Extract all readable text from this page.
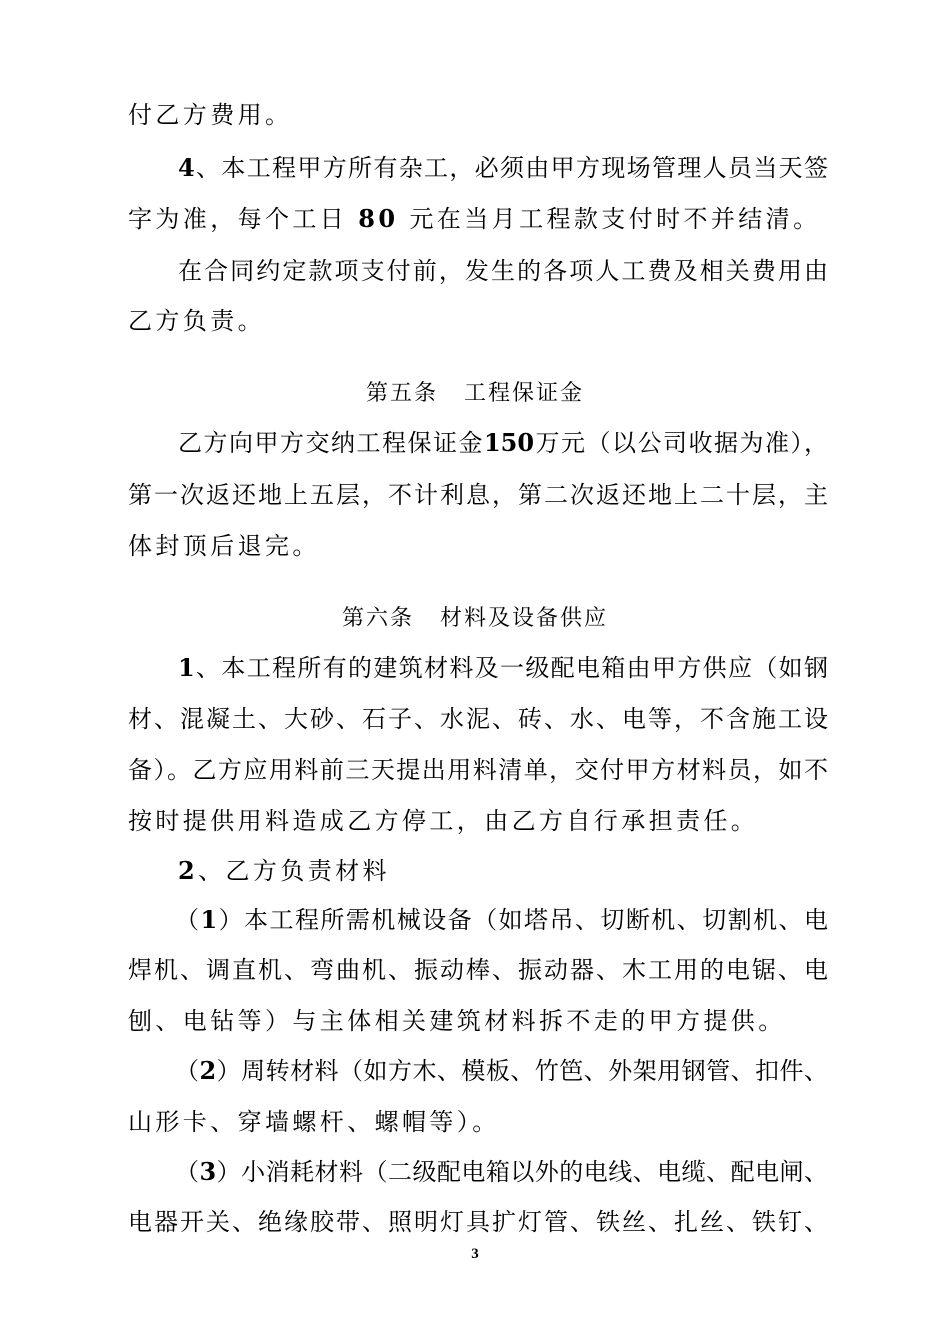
付乙方费用。
4、本工程甲方所有杂工，必须由甲方现场管理人员当天签
字为准，每个工日 80 元在当月工程款支付时不并结清。
在合同约定款项支付前，发生的各项人工费及相关费用由
乙方负责。
第五条 工程保证金
乙方向甲方交纳工程保证金150万元（以公司收据为准），
第一次返还地上五层，不计利息，第二次返还地上二十层，主
体封顶后退完。
第六条 材料及设备供应
1、本工程所有的建筑材料及一级配电箱由甲方供应（如钢
材、混凝土、大砂、石子、水泥、砖、水、电等，不含施工设
备）。乙方应用料前三天提出用料清单，交付甲方材料员，如不
按时提供用料造成乙方停工，由乙方自行承担责任。
2、乙方负责材料
（1）本工程所需机械设备（如塔吊、切断机、切割机、电
焊机、调直机、弯曲机、振动棒、振动器、木工用的电锯、电
刨、电钻等）与主体相关建筑材料拆不走的甲方提供。
（2）周转材料（如方木、模板、竹笆、外架用钢管、扣件、
山形卡、穿墙螺杆、螺帽等）。
（3）小消耗材料（二级配电箱以外的电线、电缆、配电闸、
电器开关、绝缘胶带、照明灯具扩灯管、铁丝、扎丝、铁钉、
3
